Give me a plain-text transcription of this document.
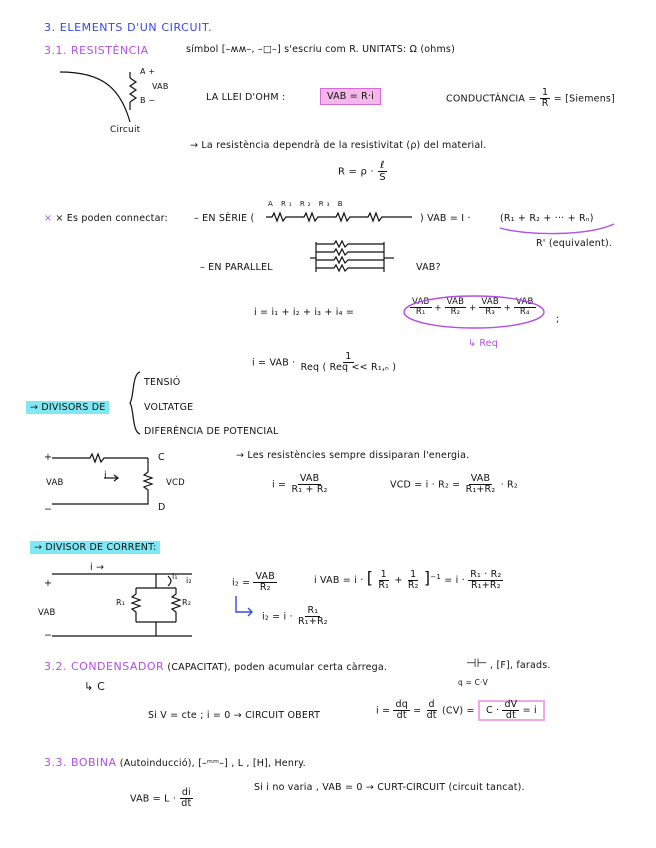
3. ELEMENTS D'UN CIRCUIT.
3.1. RESISTÈNCIA	símbol [–ʍʍ–, –□–] s'escriu com R. UNITATS: Ω (ohms)
A +
B −
VAB
Circuit
LA LLEI D'OHM :	VAB = R·i	CONDUCTÀNCIA = $\frac{1}{R}$ = [Siemens]
→ La resistència dependrà de la resistivitat (ρ) del material.
$R = \rho \cdot \frac{\text{ℓ}}{S}$
× × Es poden connectar:	– EN SÈRIE (
A R₁ R₂ R₃ B
) VAB = I ·	(R₁ + R₂ + ··· + Rₙ)
R' (equivalent).
– EN PARALLEL	VAB?
i = i₁ + i₂ + i₃ + i₄ =	$\frac{\text{VAB}}{\text{R₁}} + \frac{\text{VAB}}{\text{R₂}} + \frac{\text{VAB}}{\text{R₃}} + \frac{\text{VAB}}{\text{R₄}}$
;
↳ Req
i = VAB · $\frac{1}{\text{Req ( Req << R₁,ₙ )}}$
TENSIÓ
VOLTATGE
DIFERÈNCIA DE POTENCIAL
→ DIVISORS DE
+
−
VAB
i
C
D
VCD
→ Les resistències sempre dissiparan l'energia.
$i = \frac{\text{VAB}}{\text{R₁ + R₂}}$	VCD = $i \cdot R_2 = \frac{\text{VAB}}{\text{R₁+R₂}} \cdot R_2$
→ DIVISOR DE CORRENT:
+
−
VAB
i →
R₁	R₂
i₁ i₂	$i_2 = \frac{\text{VAB}}{\text{R₂}}$	i VAB = i · [ $\frac{1}{\text{R₁}} + \frac{1}{\text{R₂}} ]^{-1} = i \cdot \frac{\text{R₁ · R₂}}{\text{R₁+R₂}}$
$i_2 = i \cdot \frac{\text{R₁}}{\text{R₁+R₂}}$
3.2. CONDENSADOR (CAPACITAT), poden acumular certa càrrega.	⊣⊢ , [F], farads.
q = C·V
↳ C
Si V = cte ; i = 0 → CIRCUIT OBERT	$i = \frac{dq}{dt} = \frac{d}{dt} (CV) = C \cdot \frac{dV}{dt} = i$
3.3. BOBINA (Autoinducció), [–ᵐᵐ–] , L , [H], Henry.
VAB = $L \cdot \frac{di}{dt}$
Si i no varia , VAB = 0 → CURT-CIRCUIT (circuit tancat).
